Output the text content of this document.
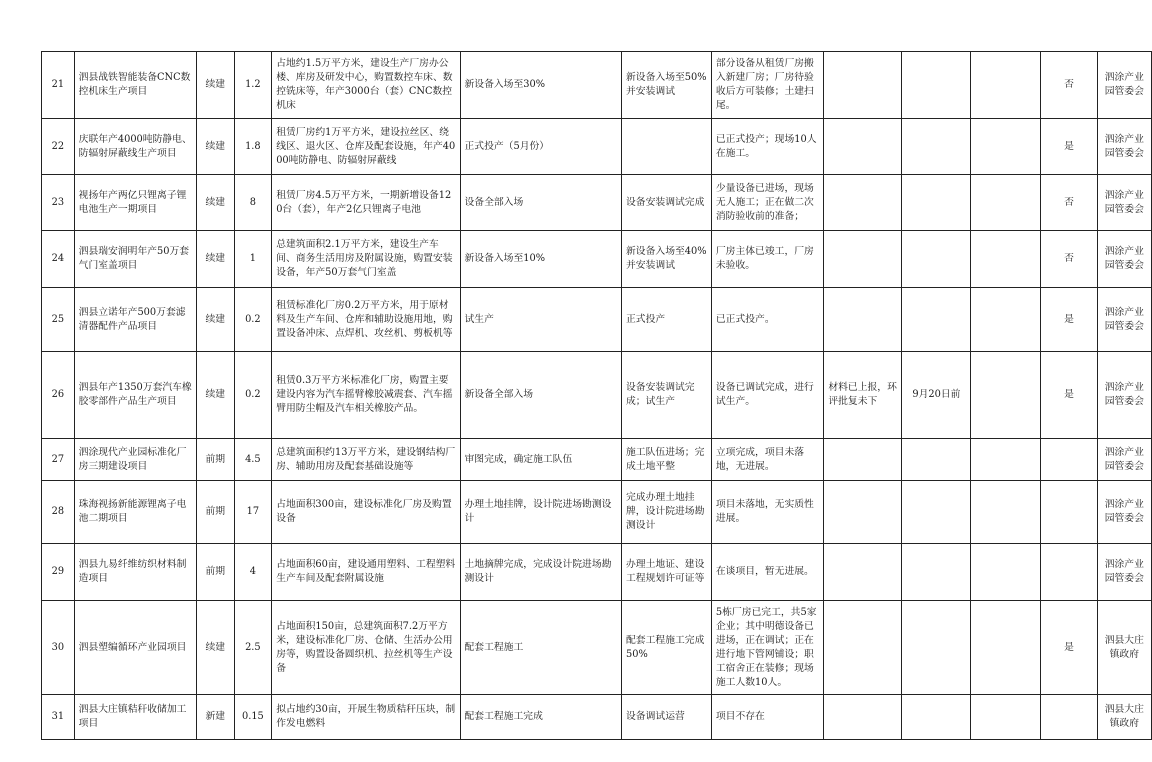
21	泗县战铁智能装备CNC数控机床生产项目	续建	1.2	占地约1.5万平方米，建设生产厂房办公楼、库房及研发中心，购置数控车床、数控铣床等，年产3000台（套）CNC数控机床	新设备入场至30%	新设备入场至50%并安装调试	部分设备从租赁厂房搬入新建厂房；厂房待验收后方可装修；土建扫尾。				否	泗涂产业园管委会
22	庆联年产4000吨防静电、防辐射屏蔽线生产项目	续建	1.8	租赁厂房约1万平方米，建设拉丝区、绕线区、退火区、仓库及配套设施，年产4000吨防静电、防辐射屏蔽线	正式投产（5月份）		已正式投产；现场10人在施工。				是	泗涂产业园管委会
23	视扬年产两亿只锂离子锂电池生产一期项目	续建	8	租赁厂房4.5万平方米，一期新增设备120台（套），年产2亿只锂离子电池	设备全部入场	设备安装调试完成	少量设备已进场，现场无人施工；正在做二次消防验收前的准备；				否	泗涂产业园管委会
24	泗县瑞安润明年产50万套气门室盖项目	续建	1	总建筑面积2.1万平方米，建设生产车间、商务生活用房及附属设施，购置安装设备，年产50万套气门室盖	新设备入场至10%	新设备入场至40%并安装调试	厂房主体已竣工，厂房未验收。				否	泗涂产业园管委会
25	泗县立诺年产500万套滤清器配件产品项目	续建	0.2	租赁标准化厂房0.2万平方米，用于原材料及生产车间、仓库和辅助设施用地，购置设备冲床、点焊机、攻丝机、剪板机等	试生产	正式投产	已正式投产。				是	泗涂产业园管委会
26	泗县年产1350万套汽车橡胶零部件产品生产项目	续建	0.2	租赁0.3万平方米标准化厂房，购置主要建设内容为汽车摇臂橡胶减震套、汽车摇臂用防尘帽及汽车相关橡胶产品。	新设备全部入场	设备安装调试完成；试生产	设备已调试完成，进行试生产。	材料已上报，环评批复未下	9月20日前		是	泗涂产业园管委会
27	泗涂现代产业园标准化厂房三期建设项目	前期	4.5	总建筑面积约13万平方米，建设钢结构厂房、辅助用房及配套基础设施等	审图完成，确定施工队伍	施工队伍进场；完成土地平整	立项完成，项目未落地，无进展。					泗涂产业园管委会
28	珠海视扬新能源锂离子电池二期项目	前期	17	占地面积300亩，建设标准化厂房及购置设备	办理土地挂牌，设计院进场勘测设计	完成办理土地挂牌，设计院进场勘测设计	项目未落地，无实质性进展。					泗涂产业园管委会
29	泗县九易纤维纺织材料制造项目	前期	4	占地面积60亩，建设通用塑料、工程塑料生产车间及配套附属设施	土地摘牌完成，完成设计院进场勘测设计	办理土地证、建设工程规划许可证等	在谈项目，暂无进展。					泗涂产业园管委会
30	泗县塑编循环产业园项目	续建	2.5	占地面积150亩，总建筑面积7.2万平方米，建设标准化厂房、仓储、生活办公用房等，购置设备圆织机、拉丝机等生产设备	配套工程施工	配套工程施工完成50%	5栋厂房已完工，共5家企业；其中明德设备已进场，正在调试；正在进行地下管网铺设；职工宿舍正在装修；现场施工人数10人。				是	泗县大庄镇政府
31	泗县大庄镇秸秆收储加工项目	新建	0.15	拟占地约30亩，开展生物质秸秆压块，制作发电燃料	配套工程施工完成	设备调试运营	项目不存在					泗县大庄镇政府
